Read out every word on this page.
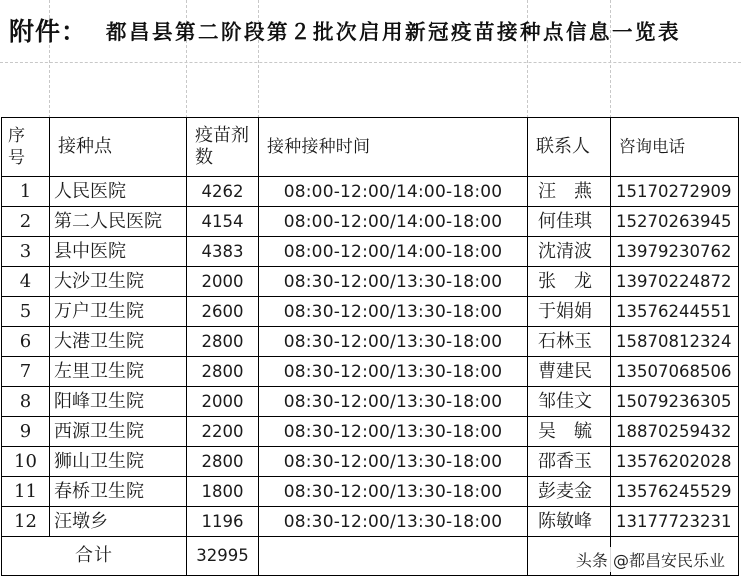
附件： 都昌县第二阶段第２批次启用新冠疫苗接种点信息一览表
序号	接种点	疫苗剂数	接种接种时间	联系人	咨询电话
1	人民医院	4262	08:00-12:00/14:00-18:00	汪　燕	15170272909
2	第二人民医院	4154	08:00-12:00/14:00-18:00	何佳琪	15270263945
3	县中医院	4383	08:00-12:00/14:00-18:00	沈清波	13979230762
4	大沙卫生院	2000	08:30-12:00/13:30-18:00	张　龙	13970224872
5	万户卫生院	2600	08:30-12:00/13:30-18:00	于娟娟	13576244551
6	大港卫生院	2800	08:30-12:00/13:30-18:00	石林玉	15870812324
7	左里卫生院	2800	08:30-12:00/13:30-18:00	曹建民	13507068506
8	阳峰卫生院	2000	08:30-12:00/13:30-18:00	邹佳文	15079236305
9	西源卫生院	2200	08:30-12:00/13:30-18:00	吴　毓	18870259432
10	狮山卫生院	2800	08:30-12:00/13:30-18:00	邵香玉	13576202028
11	春桥卫生院	1800	08:30-12:00/13:30-18:00	彭麦金	13576245529
12	汪墩乡	1196	08:30-12:00/13:30-18:00	陈敏峰	13177723231
合计		32995				头条 @都昌安民乐业
